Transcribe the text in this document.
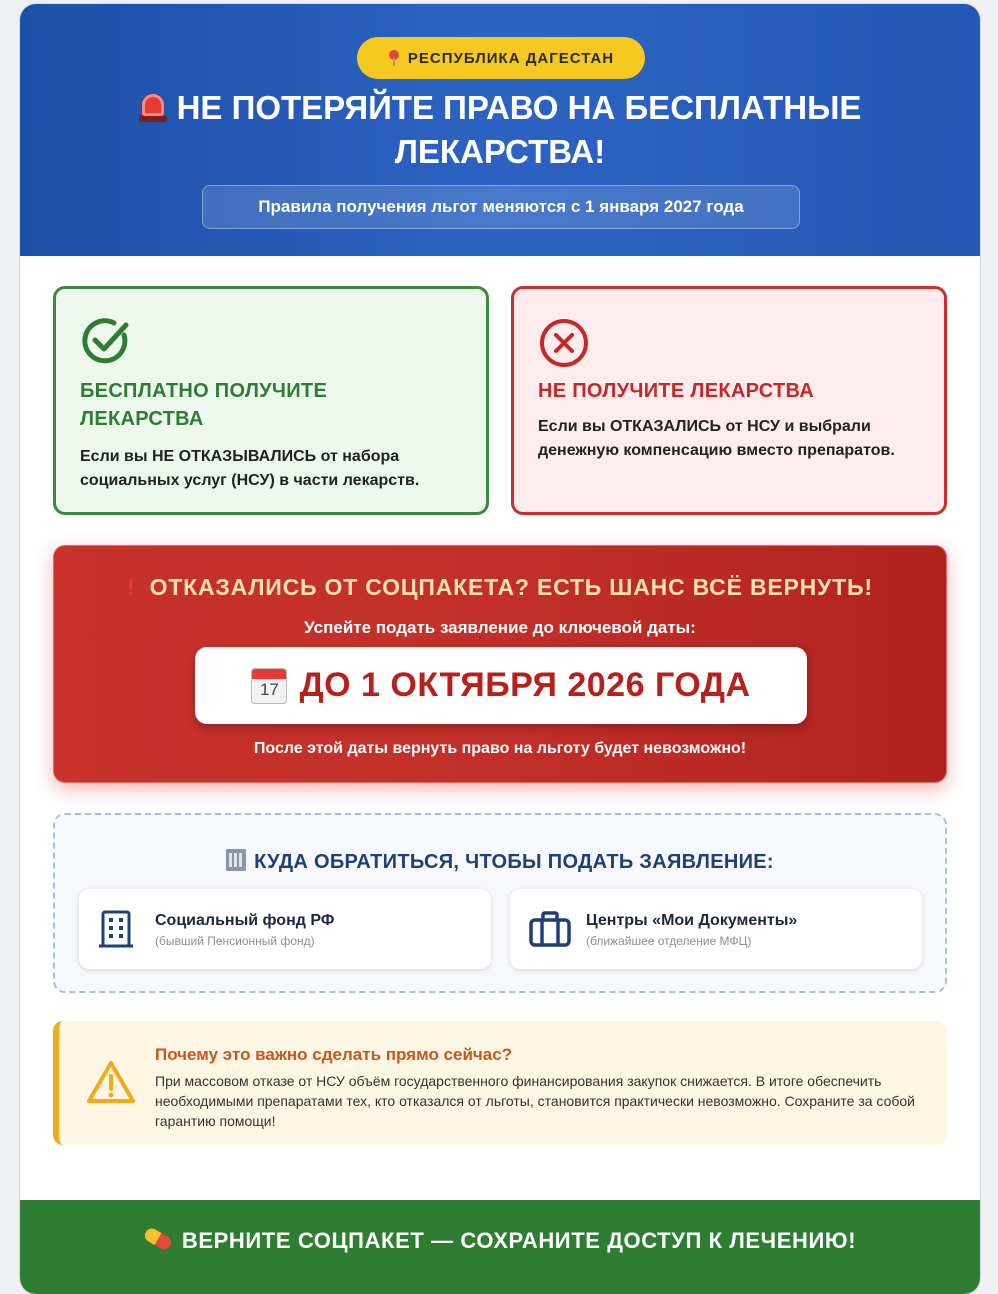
РЕСПУБЛИКА ДАГЕСТАН
НЕ ПОТЕРЯЙТЕ ПРАВО НА БЕСПЛАТНЫЕ ЛЕКАРСТВА!
Правила получения льгот меняются с 1 января 2027 года
БЕСПЛАТНО ПОЛУЧИТЕ ЛЕКАРСТВА

Если вы НЕ ОТКАЗЫВАЛИСЬ от набора социальных услуг (НСУ) в части лекарств.

НЕ ПОЛУЧИТЕ ЛЕКАРСТВА

Если вы ОТКАЗАЛИСЬ от НСУ и выбрали денежную компенсацию вместо препаратов.

! ОТКАЗАЛИСЬ ОТ СОЦПАКЕТА? ЕСТЬ ШАНС ВСЁ ВЕРНУТЬ!
Успейте подать заявление до ключевой даты:
17 ДО 1 ОКТЯБРЯ 2026 ГОДА
После этой даты вернуть право на льготу будет невозможно!
КУДА ОБРАТИТЬСЯ, ЧТОБЫ ПОДАТЬ ЗАЯВЛЕНИЕ:
Социальный фонд РФ
(бывший Пенсионный фонд)
Центры «Мои Документы»
(ближайшее отделение МФЦ)
Почему это важно сделать прямо сейчас?

При массовом отказе от НСУ объём государственного финансирования закупок снижается. В итоге обеспечить необходимыми препаратами тех, кто отказался от льготы, становится практически невозможно. Сохраните за собой гарантию помощи!

ВЕРНИТЕ СОЦПАКЕТ — СОХРАНИТЕ ДОСТУП К ЛЕЧЕНИЮ!
